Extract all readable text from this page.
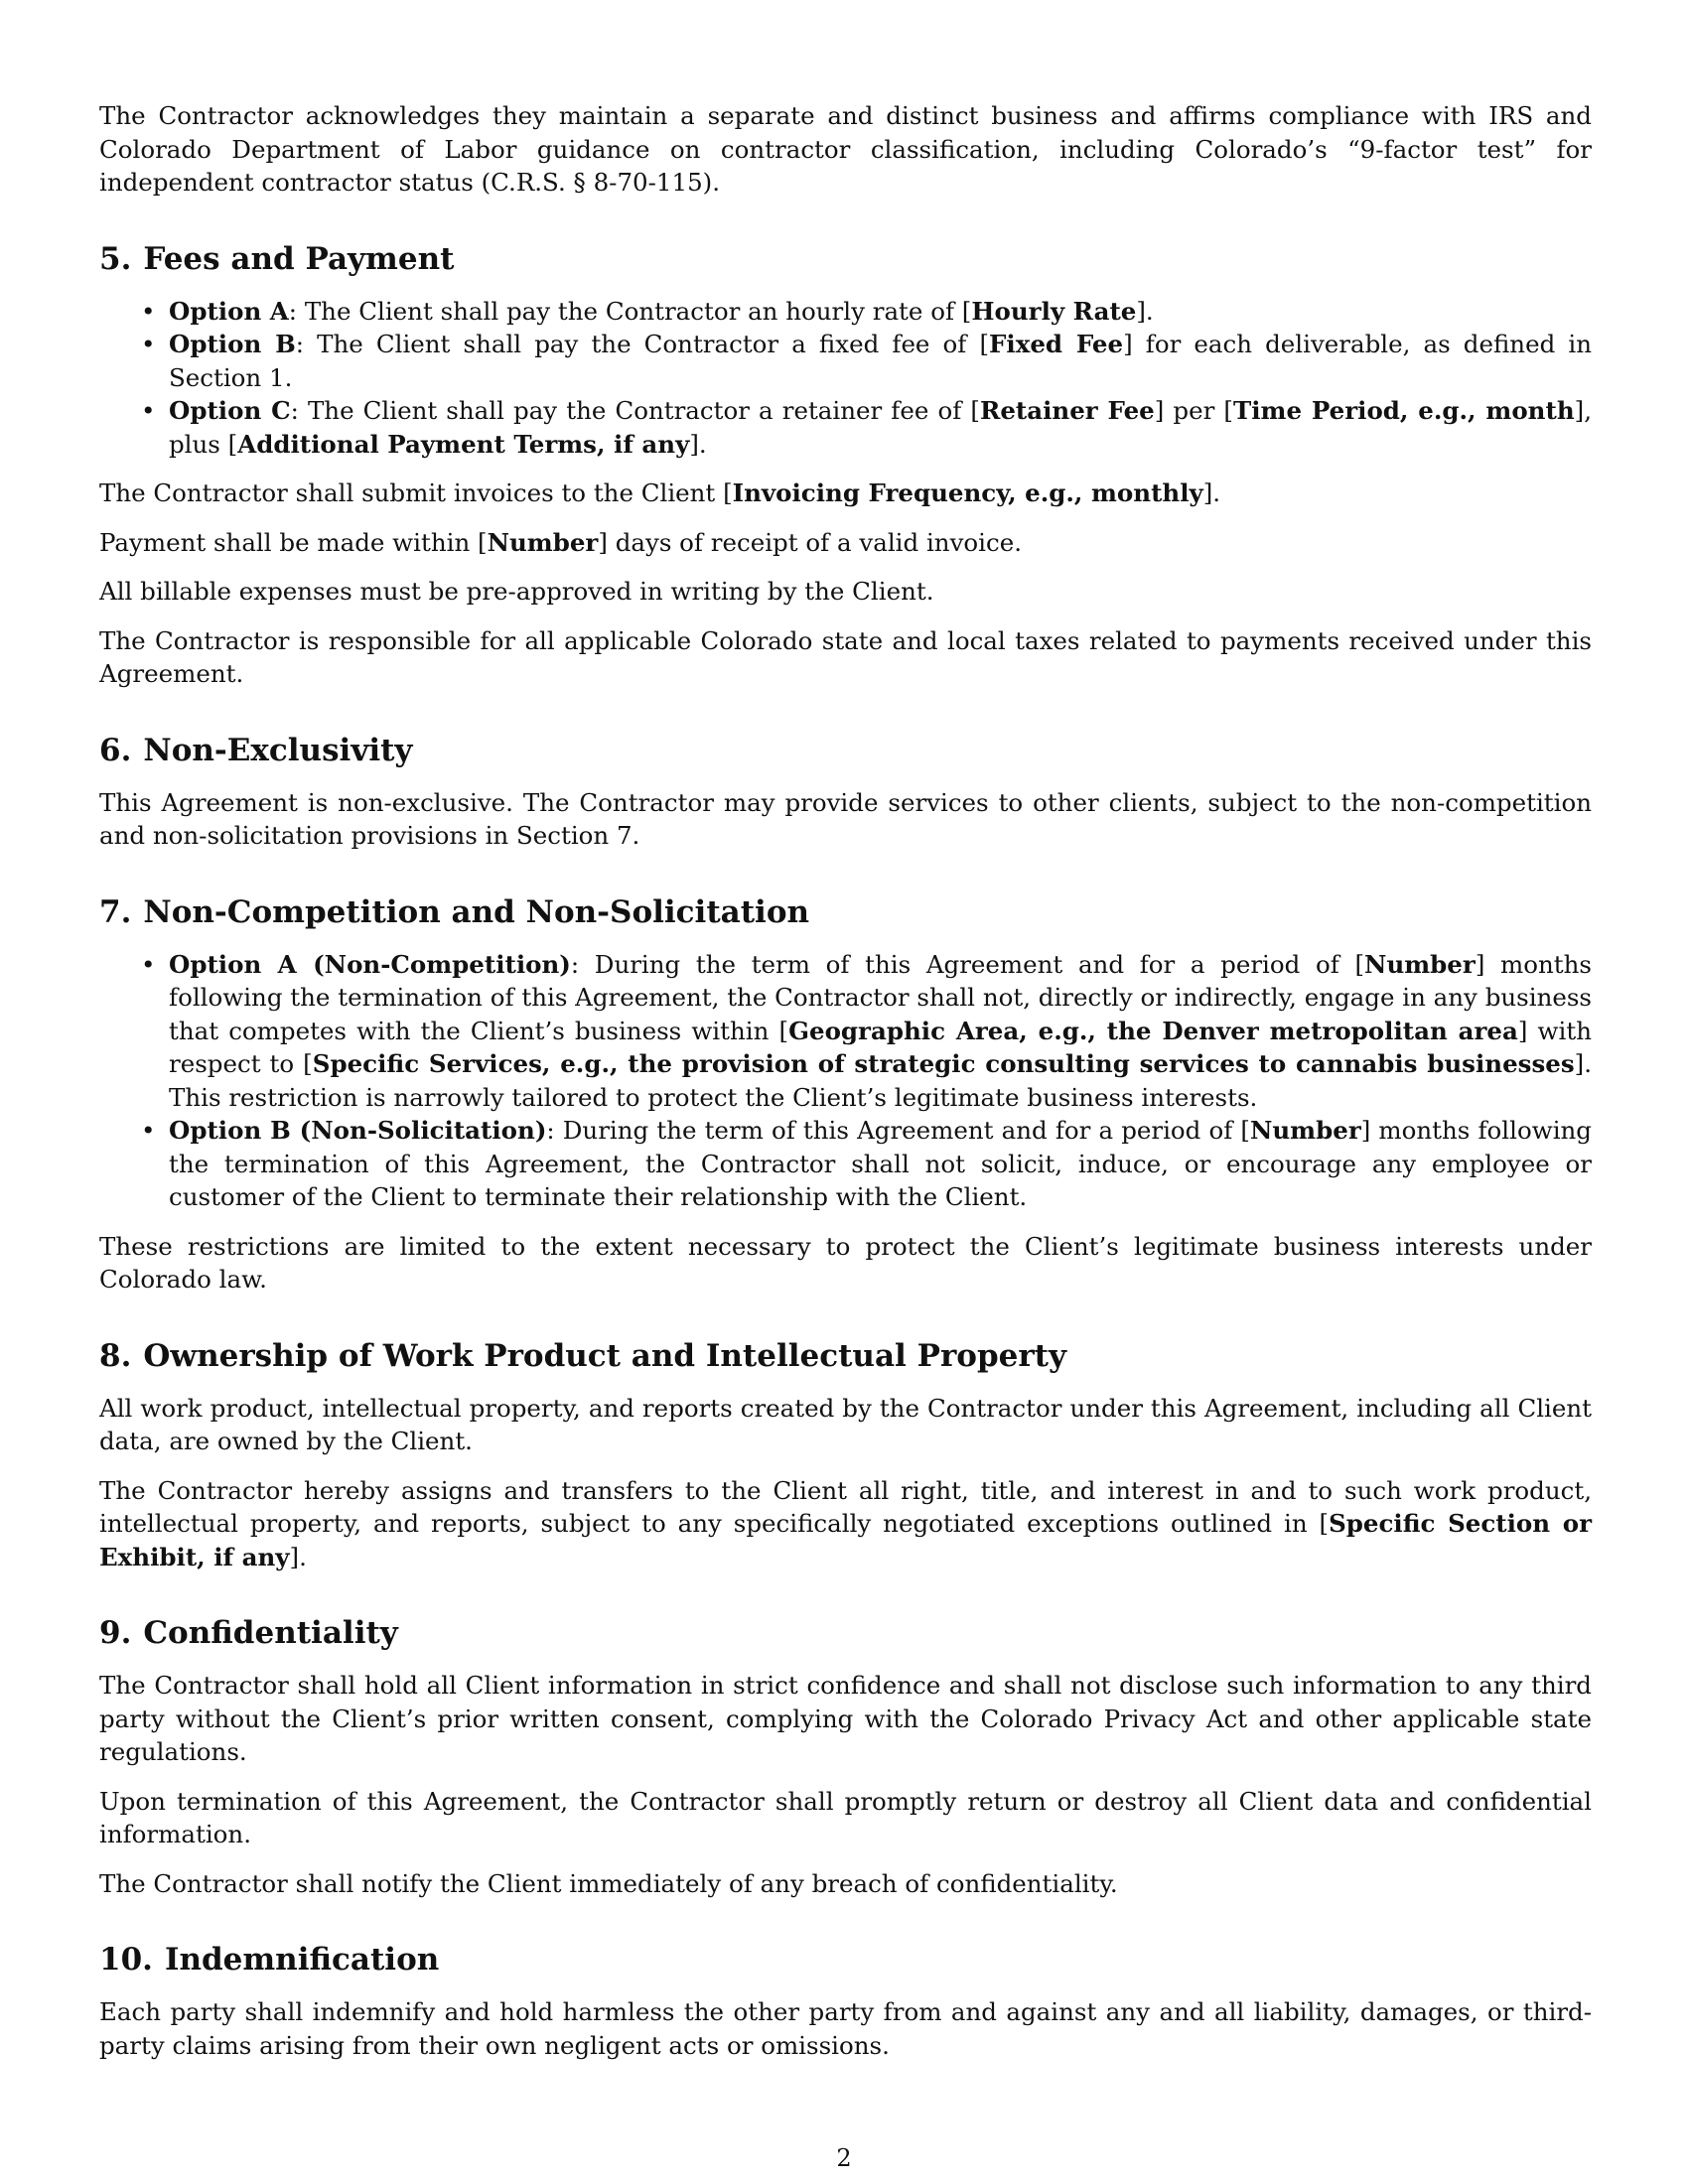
The Contractor acknowledges they maintain a separate and distinct business and affirms compliance with IRS and Colorado Department of Labor guidance on contractor classification, including Colorado’s “9-factor test” for independent contractor status (C.R.S. § 8-70-115).

5. Fees and Payment
• Option A: The Client shall pay the Contractor an hourly rate of [Hourly Rate].
• Option B: The Client shall pay the Contractor a fixed fee of [Fixed Fee] for each deliverable, as defined in Section 1.
• Option C: The Client shall pay the Contractor a retainer fee of [Retainer Fee] per [Time Period, e.g., month], plus [Additional Payment Terms, if any].

The Contractor shall submit invoices to the Client [Invoicing Frequency, e.g., monthly].

Payment shall be made within [Number] days of receipt of a valid invoice.

All billable expenses must be pre-approved in writing by the Client.

The Contractor is responsible for all applicable Colorado state and local taxes related to payments received under this Agreement.

6. Non-Exclusivity

This Agreement is non-exclusive. The Contractor may provide services to other clients, subject to the non-competition and non-solicitation provisions in Section 7.

7. Non-Competition and Non-Solicitation
• Option A (Non-Competition): During the term of this Agreement and for a period of [Number] months following the termination of this Agreement, the Contractor shall not, directly or indirectly, engage in any business that competes with the Client’s business within [Geographic Area, e.g., the Denver metropolitan area] with respect to [Specific Services, e.g., the provision of strategic consulting services to cannabis businesses]. This restriction is narrowly tailored to protect the Client’s legitimate business interests.
• Option B (Non-Solicitation): During the term of this Agreement and for a period of [Number] months following the termination of this Agreement, the Contractor shall not solicit, induce, or encourage any employee or customer of the Client to terminate their relationship with the Client.

These restrictions are limited to the extent necessary to protect the Client’s legitimate business interests under Colorado law.

8. Ownership of Work Product and Intellectual Property

All work product, intellectual property, and reports created by the Contractor under this Agreement, including all Client data, are owned by the Client.

The Contractor hereby assigns and transfers to the Client all right, title, and interest in and to such work product, intellectual property, and reports, subject to any specifically negotiated exceptions outlined in [Specific Section or Exhibit, if any].

9. Confidentiality

The Contractor shall hold all Client information in strict confidence and shall not disclose such information to any third party without the Client’s prior written consent, complying with the Colorado Privacy Act and other applicable state regulations.

Upon termination of this Agreement, the Contractor shall promptly return or destroy all Client data and confidential information.

The Contractor shall notify the Client immediately of any breach of confidentiality.

10. Indemnification

Each party shall indemnify and hold harmless the other party from and against any and all liability, damages, or third-party claims arising from their own negligent acts or omissions.

2
